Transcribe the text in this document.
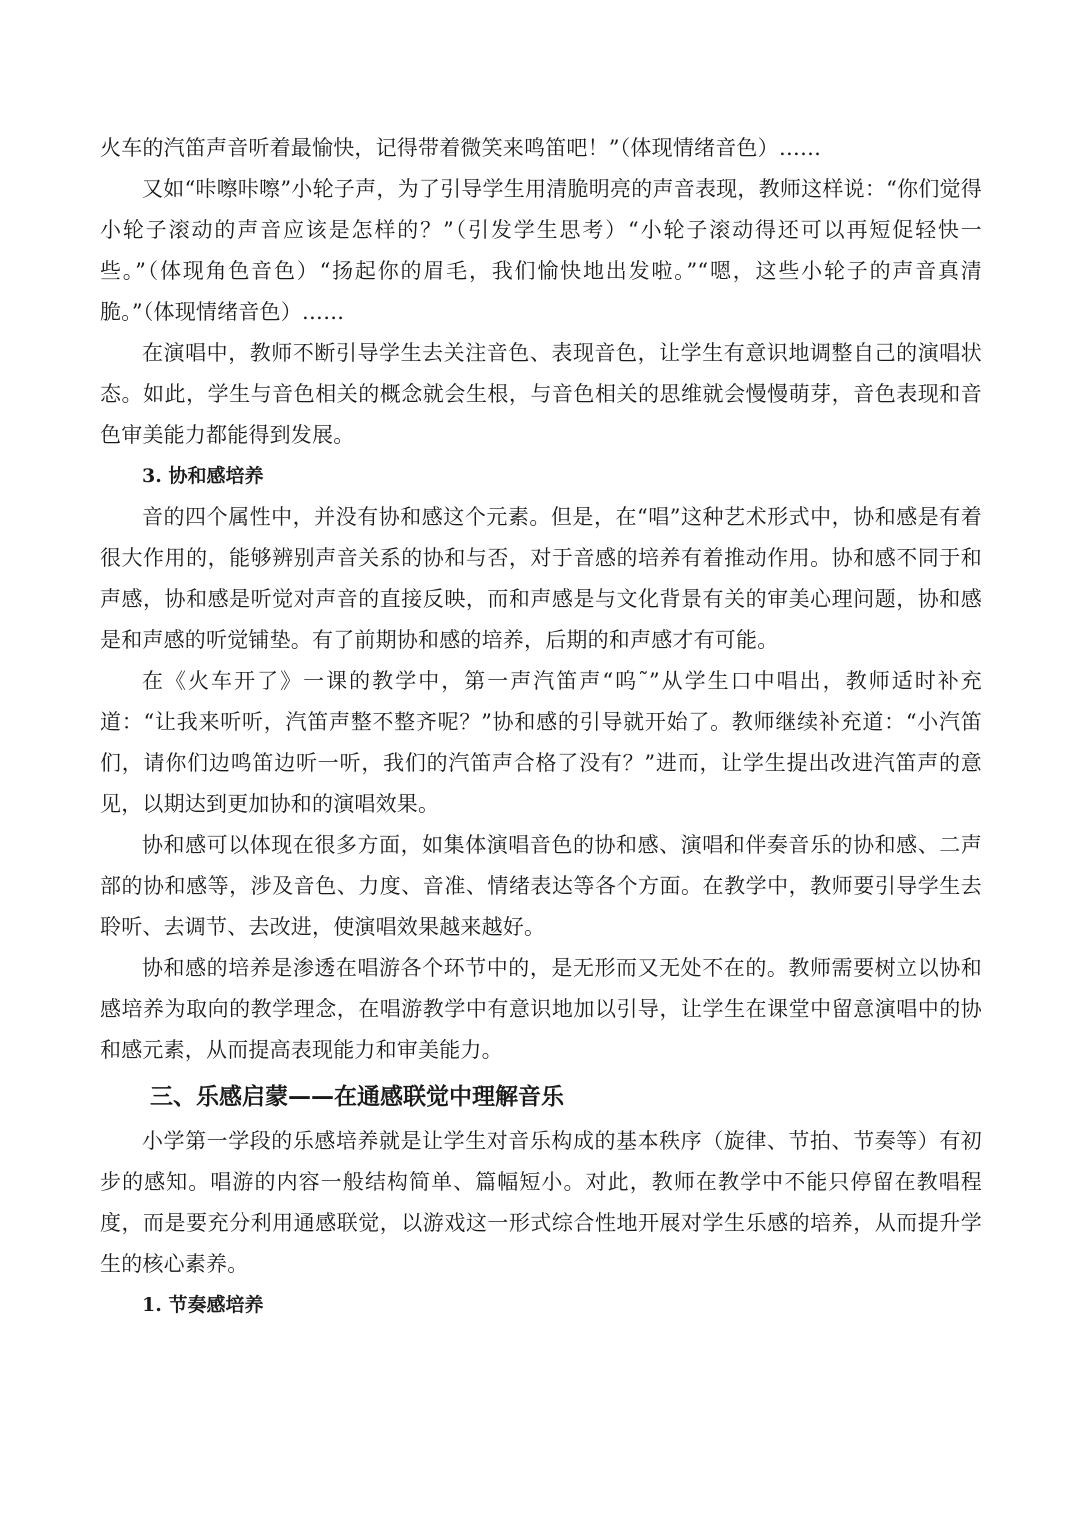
火车的汽笛声音听着最愉快，记得带着微笑来鸣笛吧！”（体现情绪音色）……

又如“咔嚓咔嚓”小轮子声，为了引导学生用清脆明亮的声音表现，教师这样说：“你们觉得小轮子滚动的声音应该是怎样的？”（引发学生思考）“小轮子滚动得还可以再短促轻快一些。”（体现角色音色）“扬起你的眉毛，我们愉快地出发啦。”“嗯，这些小轮子的声音真清脆。”（体现情绪音色）……

在演唱中，教师不断引导学生去关注音色、表现音色，让学生有意识地调整自己的演唱状态。如此，学生与音色相关的概念就会生根，与音色相关的思维就会慢慢萌芽，音色表现和音色审美能力都能得到发展。

3. 协和感培养

音的四个属性中，并没有协和感这个元素。但是，在“唱”这种艺术形式中，协和感是有着很大作用的，能够辨别声音关系的协和与否，对于音感的培养有着推动作用。协和感不同于和声感，协和感是听觉对声音的直接反映，而和声感是与文化背景有关的审美心理问题，协和感是和声感的听觉铺垫。有了前期协和感的培养，后期的和声感才有可能。

在《火车开了》一课的教学中，第一声汽笛声“呜˜”从学生口中唱出，教师适时补充道：“让我来听听，汽笛声整不整齐呢？”协和感的引导就开始了。教师继续补充道：“小汽笛们，请你们边鸣笛边听一听，我们的汽笛声合格了没有？”进而，让学生提出改进汽笛声的意见，以期达到更加协和的演唱效果。

协和感可以体现在很多方面，如集体演唱音色的协和感、演唱和伴奏音乐的协和感、二声部的协和感等，涉及音色、力度、音准、情绪表达等各个方面。在教学中，教师要引导学生去聆听、去调节、去改进，使演唱效果越来越好。

协和感的培养是渗透在唱游各个环节中的，是无形而又无处不在的。教师需要树立以协和感培养为取向的教学理念，在唱游教学中有意识地加以引导，让学生在课堂中留意演唱中的协和感元素，从而提高表现能力和审美能力。

三、乐感启蒙——在通感联觉中理解音乐

小学第一学段的乐感培养就是让学生对音乐构成的基本秩序（旋律、节拍、节奏等）有初步的感知。唱游的内容一般结构简单、篇幅短小。对此，教师在教学中不能只停留在教唱程度，而是要充分利用通感联觉，以游戏这一形式综合性地开展对学生乐感的培养，从而提升学生的核心素养。

1. 节奏感培养
